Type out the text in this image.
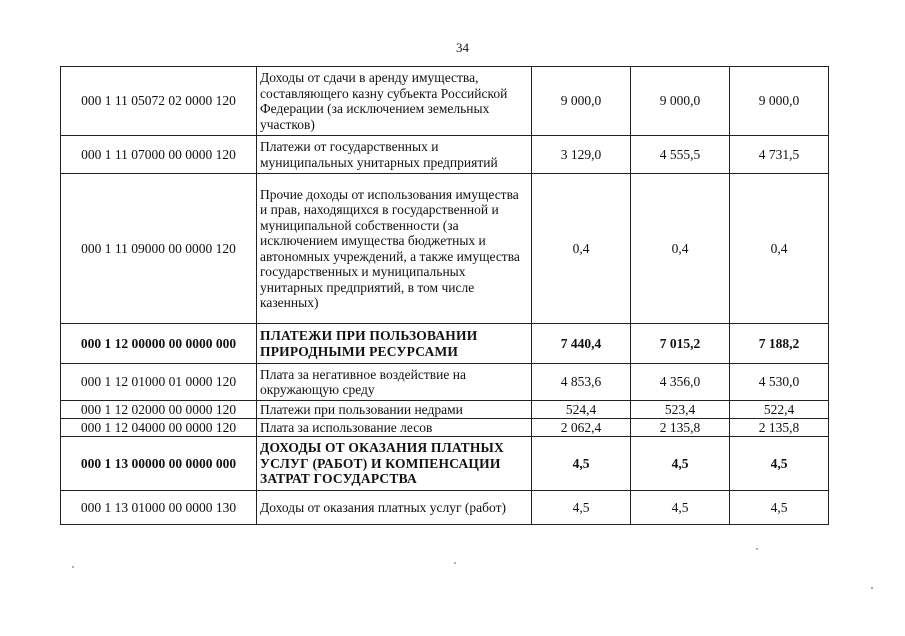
34
000 1 11 05072 02 0000 120	Доходы от сдачи в аренду имущества, составляющего казну субъекта Российской Федерации (за исключением земельных участков)	9 000,0	9 000,0	9 000,0
000 1 11 07000 00 0000 120	Платежи от государственных и муниципальных унитарных предприятий	3 129,0	4 555,5	4 731,5
000 1 11 09000 00 0000 120	Прочие доходы от использования имущества и прав, находящихся в государственной и муниципальной собственности (за исключением имущества бюджетных и автономных учреждений, а также имущества государственных и муниципальных унитарных предприятий, в том числе казенных)	0,4	0,4	0,4
000 1 12 00000 00 0000 000	ПЛАТЕЖИ ПРИ ПОЛЬЗОВАНИИ ПРИРОДНЫМИ РЕСУРСАМИ	7 440,4	7 015,2	7 188,2
000 1 12 01000 01 0000 120	Плата за негативное воздействие на окружающую среду	4 853,6	4 356,0	4 530,0
000 1 12 02000 00 0000 120	Платежи при пользовании недрами	524,4	523,4	522,4
000 1 12 04000 00 0000 120	Плата за использование лесов	2 062,4	2 135,8	2 135,8
000 1 13 00000 00 0000 000	ДОХОДЫ ОТ ОКАЗАНИЯ ПЛАТНЫХ УСЛУГ (РАБОТ) И КОМПЕНСАЦИИ ЗАТРАТ ГОСУДАРСТВА	4,5	4,5	4,5
000 1 13 01000 00 0000 130	Доходы от оказания платных услуг (работ)	4,5	4,5	4,5
